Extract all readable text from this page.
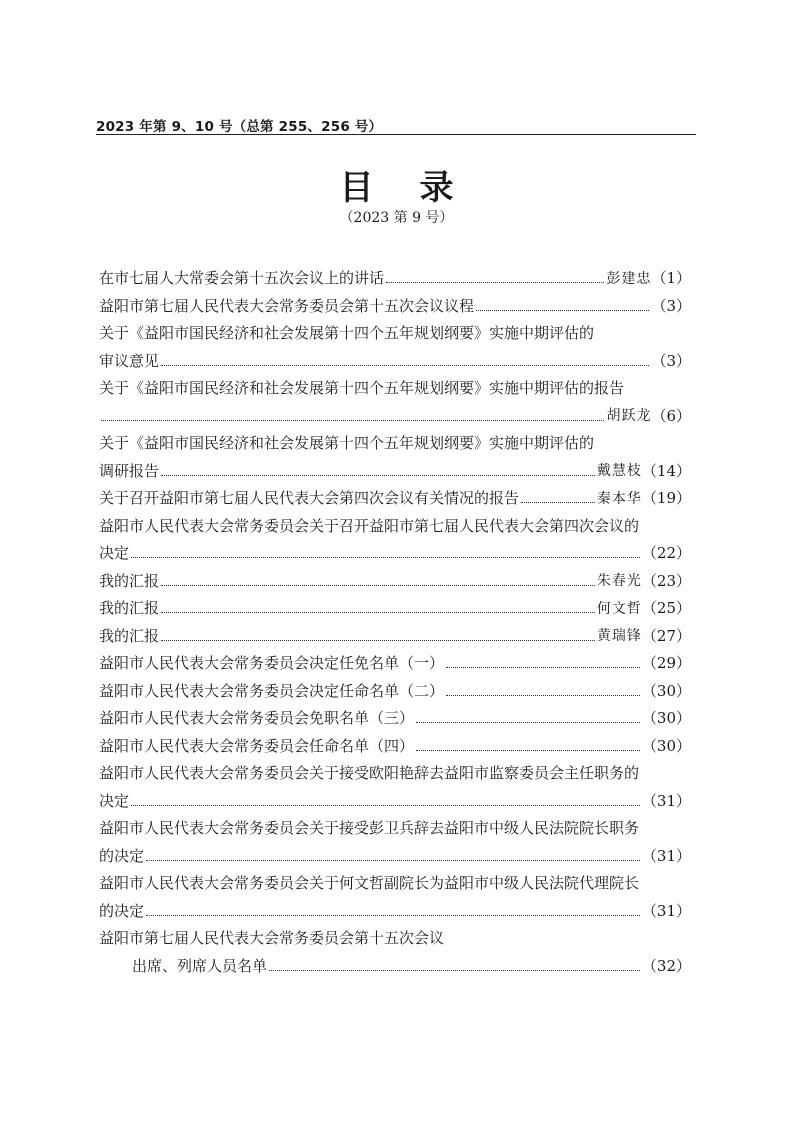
2023 年第 9、10 号（总第 255、256 号）
目 录
（2023 第 9 号）
在市七届人大常委会第十五次会议上的讲话	彭建忠 （1）
益阳市第七届人民代表大会常务委员会第十五次会议议程	（3）
关于《益阳市国民经济和社会发展第十四个五年规划纲要》实施中期评估的
审议意见	（3）
关于《益阳市国民经济和社会发展第十四个五年规划纲要》实施中期评估的报告
胡跃龙 （6）
关于《益阳市国民经济和社会发展第十四个五年规划纲要》实施中期评估的
调研报告	戴慧枝 （14）
关于召开益阳市第七届人民代表大会第四次会议有关情况的报告	秦本华 （19）
益阳市人民代表大会常务委员会关于召开益阳市第七届人民代表大会第四次会议的
决定	（22）
我的汇报	朱春光 （23）
我的汇报	何文哲 （25）
我的汇报	黄瑞锋 （27）
益阳市人民代表大会常务委员会决定任免名单（一）	（29）
益阳市人民代表大会常务委员会决定任命名单（二）	（30）
益阳市人民代表大会常务委员会免职名单（三）	（30）
益阳市人民代表大会常务委员会任命名单（四）	（30）
益阳市人民代表大会常务委员会关于接受欧阳艳辞去益阳市监察委员会主任职务的
决定	（31）
益阳市人民代表大会常务委员会关于接受彭卫兵辞去益阳市中级人民法院院长职务
的决定	（31）
益阳市人民代表大会常务委员会关于何文哲副院长为益阳市中级人民法院代理院长
的决定	（31）
益阳市第七届人民代表大会常务委员会第十五次会议
出席、列席人员名单	（32）
